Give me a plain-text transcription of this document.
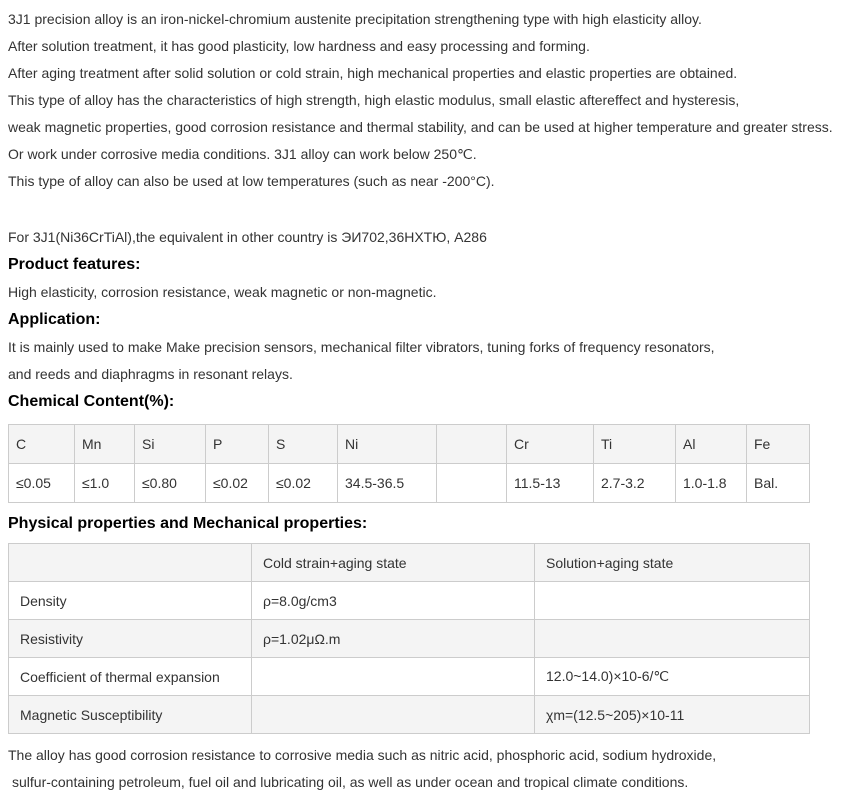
3J1 precision alloy is an iron-nickel-chromium austenite precipitation strengthening type with high elasticity alloy.

After solution treatment, it has good plasticity, low hardness and easy processing and forming.

After aging treatment after solid solution or cold strain, high mechanical properties and elastic properties are obtained.

This type of alloy has the characteristics of high strength, high elastic modulus, small elastic aftereffect and hysteresis,

weak magnetic properties, good corrosion resistance and thermal stability, and can be used at higher temperature and greater stress.

Or work under corrosive media conditions. 3J1 alloy can work below 250℃.

This type of alloy can also be used at low temperatures (such as near -200°C).

For 3J1(Ni36CrTiAl),the equivalent in other country is ЭИ702,36НХТЮ, А286

Product features:

High elasticity, corrosion resistance, weak magnetic or non-magnetic.

Application:

It is mainly used to make Make precision sensors, mechanical filter vibrators, tuning forks of frequency resonators,

and reeds and diaphragms in resonant relays.

Chemical Content(%):
C	Mn	Si	P	S	Ni		Cr	Ti	Al	Fe
≤0.05	≤1.0	≤0.80	≤0.02	≤0.02	34.5-36.5		11.5-13	2.7-3.2	1.0-1.8	Bal.
Physical properties and Mechanical properties:
	Cold strain+aging state	Solution+aging state
Density	ρ=8.0g/cm3	
Resistivity	ρ=1.02μΩ.m	
Coefficient of thermal expansion		12.0~14.0)×10-6/℃
Magnetic Susceptibility		χm=(12.5~205)×10-11

The alloy has good corrosion resistance to corrosive media such as nitric acid, phosphoric acid, sodium hydroxide,

sulfur-containing petroleum, fuel oil and lubricating oil, as well as under ocean and tropical climate conditions.
